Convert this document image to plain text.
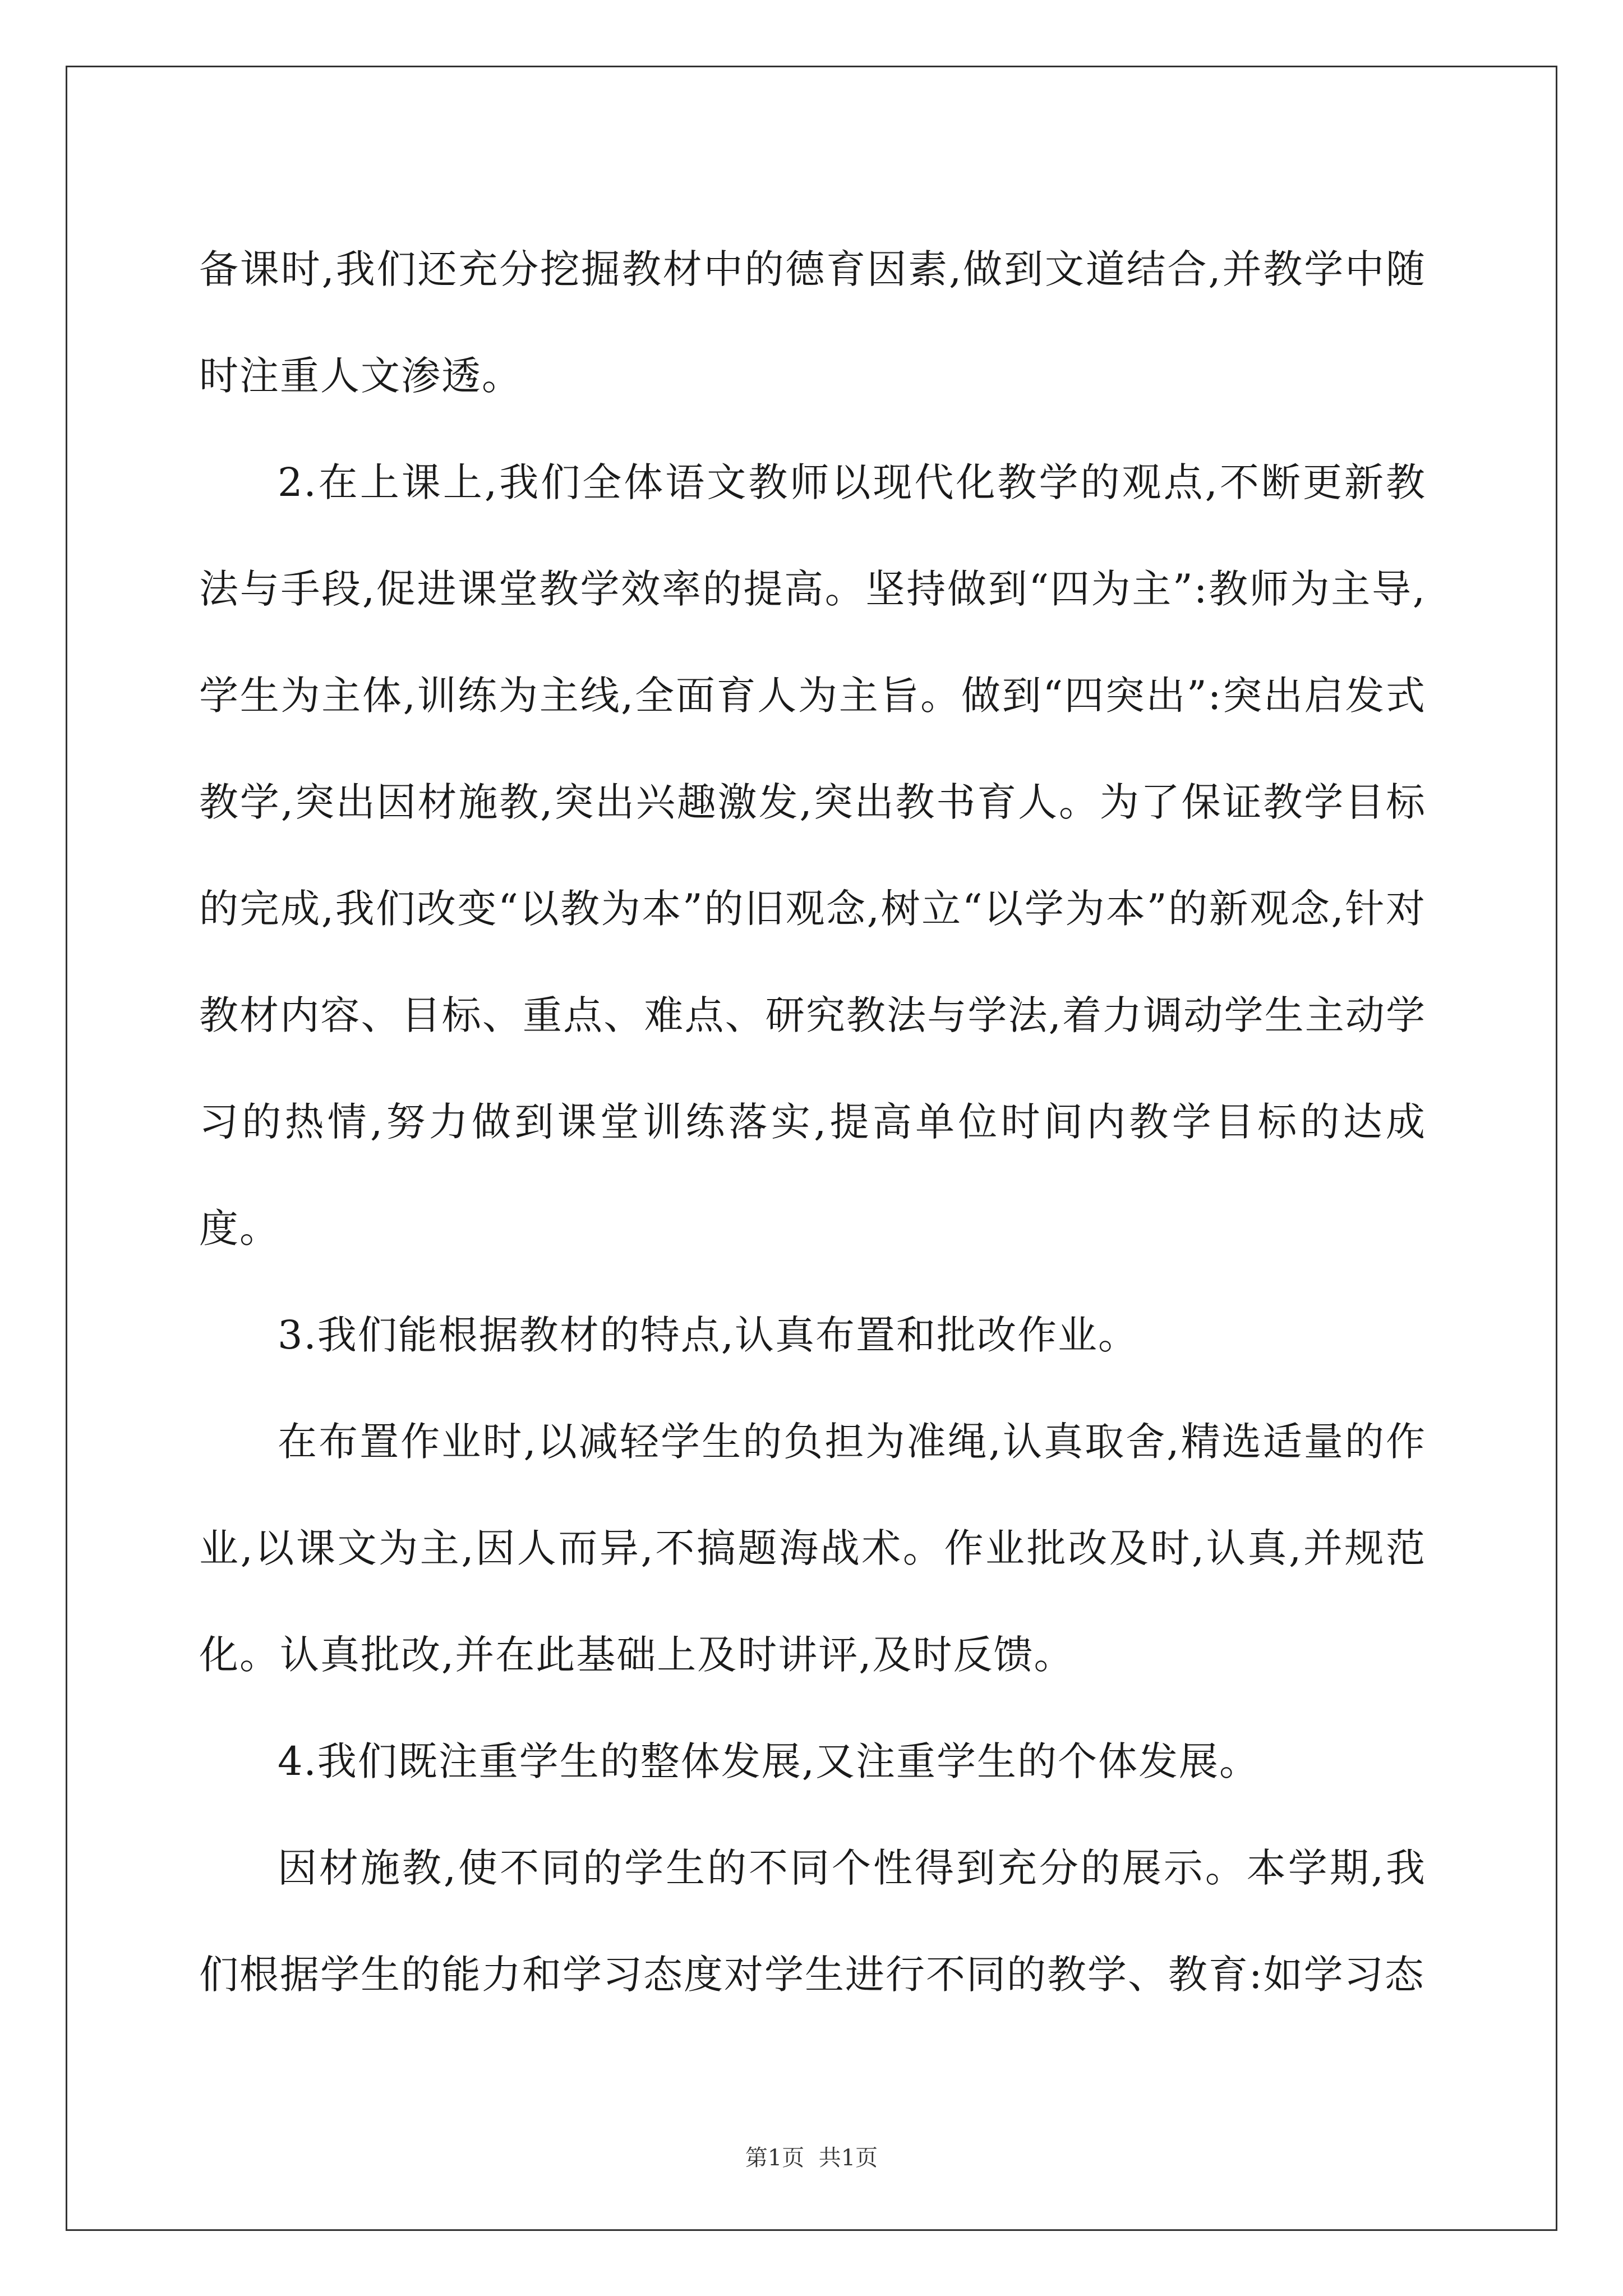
备课时,我们还充分挖掘教材中的德育因素,做到文道结合,并教学中随时注重人文渗透。

2.在上课上,我们全体语文教师以现代化教学的观点,不断更新教法与手段,促进课堂教学效率的提高。坚持做到“四为主”:教师为主导,学生为主体,训练为主线,全面育人为主旨。做到“四突出”:突出启发式教学,突出因材施教,突出兴趣激发,突出教书育人。为了保证教学目标的完成,我们改变“以教为本”的旧观念,树立“以学为本”的新观念,针对教材内容、目标、重点、难点、研究教法与学法,着力调动学生主动学习的热情,努力做到课堂训练落实,提高单位时间内教学目标的达成度。

3.我们能根据教材的特点,认真布置和批改作业。

在布置作业时,以减轻学生的负担为准绳,认真取舍,精选适量的作业,以课文为主,因人而异,不搞题海战术。作业批改及时,认真,并规范化。认真批改,并在此基础上及时讲评,及时反馈。

4.我们既注重学生的整体发展,又注重学生的个体发展。

因材施教,使不同的学生的不同个性得到充分的展示。本学期,我们根据学生的能力和学习态度对学生进行不同的教学、教育:如学习态

第1页  共1页
